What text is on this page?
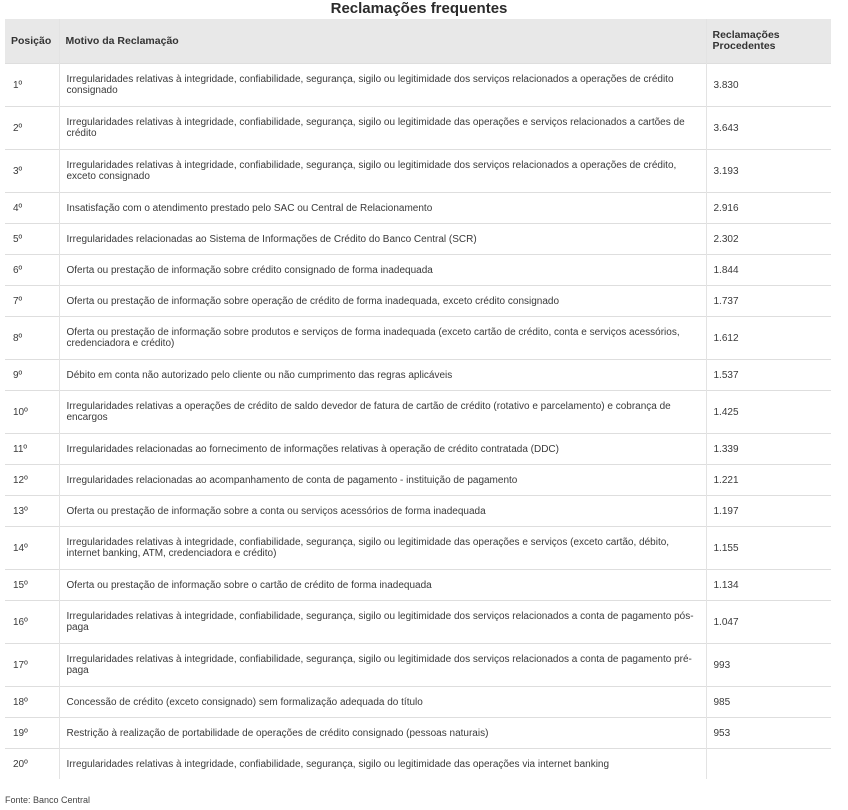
Reclamações frequentes
Posição	Motivo da Reclamação	Reclamações Procedentes
1º	Irregularidades relativas à integridade, confiabilidade, segurança, sigilo ou legitimidade dos serviços relacionados a operações de crédito consignado	3.830
2º	Irregularidades relativas à integridade, confiabilidade, segurança, sigilo ou legitimidade das operações e serviços relacionados a cartões de crédito	3.643
3º	Irregularidades relativas à integridade, confiabilidade, segurança, sigilo ou legitimidade dos serviços relacionados a operações de crédito, exceto consignado	3.193
4º	Insatisfação com o atendimento prestado pelo SAC ou Central de Relacionamento	2.916
5º	Irregularidades relacionadas ao Sistema de Informações de Crédito do Banco Central (SCR)	2.302
6º	Oferta ou prestação de informação sobre crédito consignado de forma inadequada	1.844
7º	Oferta ou prestação de informação sobre operação de crédito de forma inadequada, exceto crédito consignado	1.737
8º	Oferta ou prestação de informação sobre produtos e serviços de forma inadequada (exceto cartão de crédito, conta e serviços acessórios, credenciadora e crédito)	1.612
9º	Débito em conta não autorizado pelo cliente ou não cumprimento das regras aplicáveis	1.537
10º	Irregularidades relativas a operações de crédito de saldo devedor de fatura de cartão de crédito (rotativo e parcelamento) e cobrança de encargos	1.425
11º	Irregularidades relacionadas ao fornecimento de informações relativas à operação de crédito contratada (DDC)	1.339
12º	Irregularidades relacionadas ao acompanhamento de conta de pagamento - instituição de pagamento	1.221
13º	Oferta ou prestação de informação sobre a conta ou serviços acessórios de forma inadequada	1.197
14º	Irregularidades relativas à integridade, confiabilidade, segurança, sigilo ou legitimidade das operações e serviços (exceto cartão, débito, internet banking, ATM, credenciadora e crédito)	1.155
15º	Oferta ou prestação de informação sobre o cartão de crédito de forma inadequada	1.134
16º	Irregularidades relativas à integridade, confiabilidade, segurança, sigilo ou legitimidade dos serviços relacionados a conta de pagamento pós-paga	1.047
17º	Irregularidades relativas à integridade, confiabilidade, segurança, sigilo ou legitimidade dos serviços relacionados a conta de pagamento pré-paga	993
18º	Concessão de crédito (exceto consignado) sem formalização adequada do título	985
19º	Restrição à realização de portabilidade de operações de crédito consignado (pessoas naturais)	953
20º	Irregularidades relativas à integridade, confiabilidade, segurança, sigilo ou legitimidade das operações via internet banking	
Fonte: Banco Central
